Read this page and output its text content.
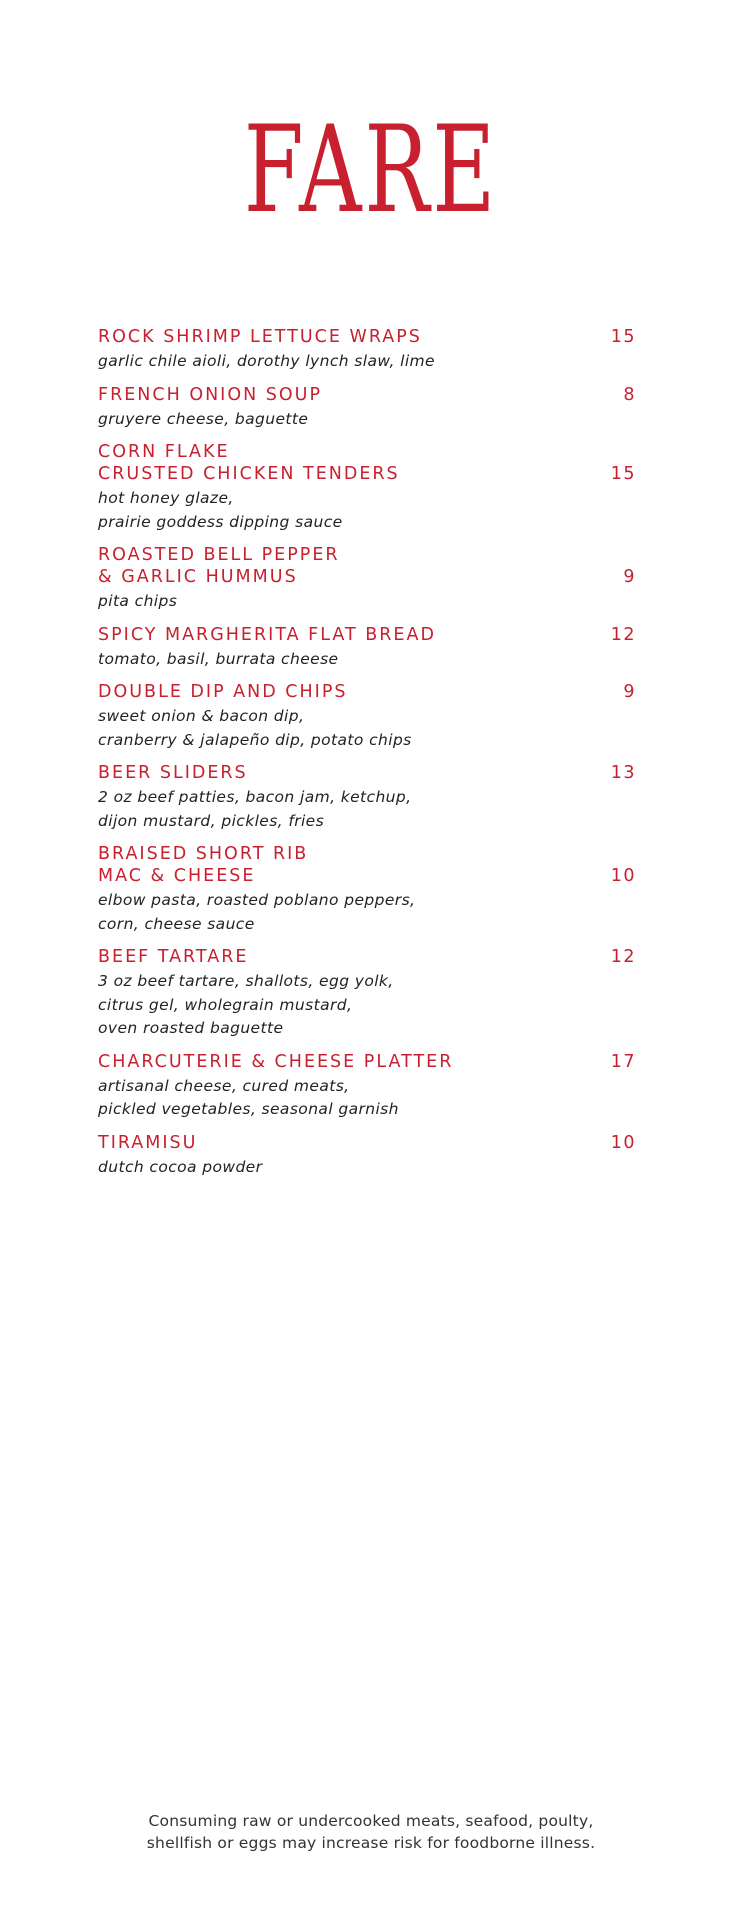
FARE
ROCK SHRIMP LETTUCE WRAPS	15
garlic chile aioli, dorothy lynch slaw, lime
FRENCH ONION SOUP	8
gruyere cheese, baguette
CORN FLAKE
CRUSTED CHICKEN TENDERS	15
hot honey glaze,
prairie goddess dipping sauce
ROASTED BELL PEPPER
& GARLIC HUMMUS	9
pita chips
SPICY MARGHERITA FLAT BREAD	12
tomato, basil, burrata cheese
DOUBLE DIP AND CHIPS	9
sweet onion & bacon dip,
cranberry & jalapeño dip, potato chips
BEER SLIDERS	13
2 oz beef patties, bacon jam, ketchup,
dijon mustard, pickles, fries
BRAISED SHORT RIB
MAC & CHEESE	10
elbow pasta, roasted poblano peppers,
corn, cheese sauce
BEEF TARTARE	12
3 oz beef tartare, shallots, egg yolk,
citrus gel, wholegrain mustard,
oven roasted baguette
CHARCUTERIE & CHEESE PLATTER	17
artisanal cheese, cured meats,
pickled vegetables, seasonal garnish
TIRAMISU	10
dutch cocoa powder
Consuming raw or undercooked meats, seafood, poulty,
shellfish or eggs may increase risk for foodborne illness.
